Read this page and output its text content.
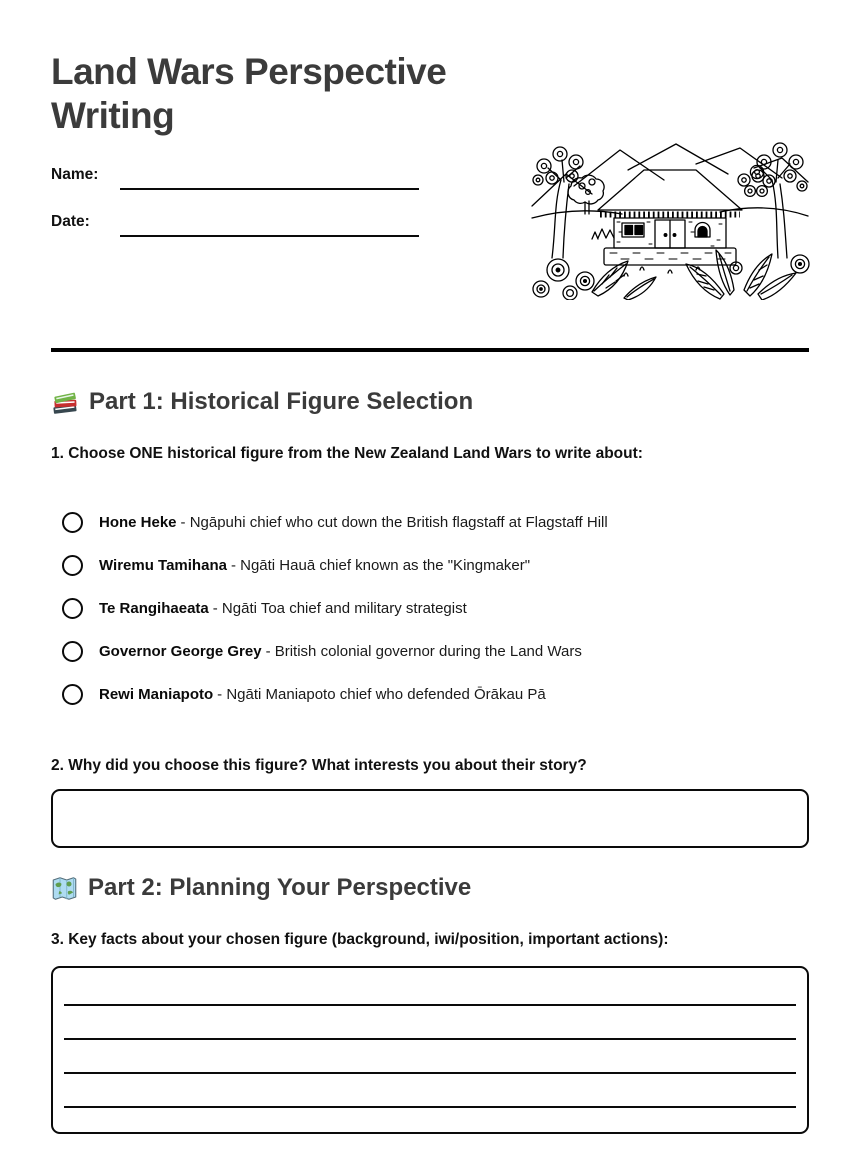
Land Wars Perspective Writing
Name:
Date:
Part 1: Historical Figure Selection
1. Choose ONE historical figure from the New Zealand Land Wars to write about:
Hone Heke - Ngāpuhi chief who cut down the British flagstaff at Flagstaff Hill
Wiremu Tamihana - Ngāti Hauā chief known as the "Kingmaker"
Te Rangihaeata - Ngāti Toa chief and military strategist
Governor George Grey - British colonial governor during the Land Wars
Rewi Maniapoto - Ngāti Maniapoto chief who defended Ōrākau Pā
2. Why did you choose this figure? What interests you about their story?
Part 2: Planning Your Perspective
3. Key facts about your chosen figure (background, iwi/position, important actions):
